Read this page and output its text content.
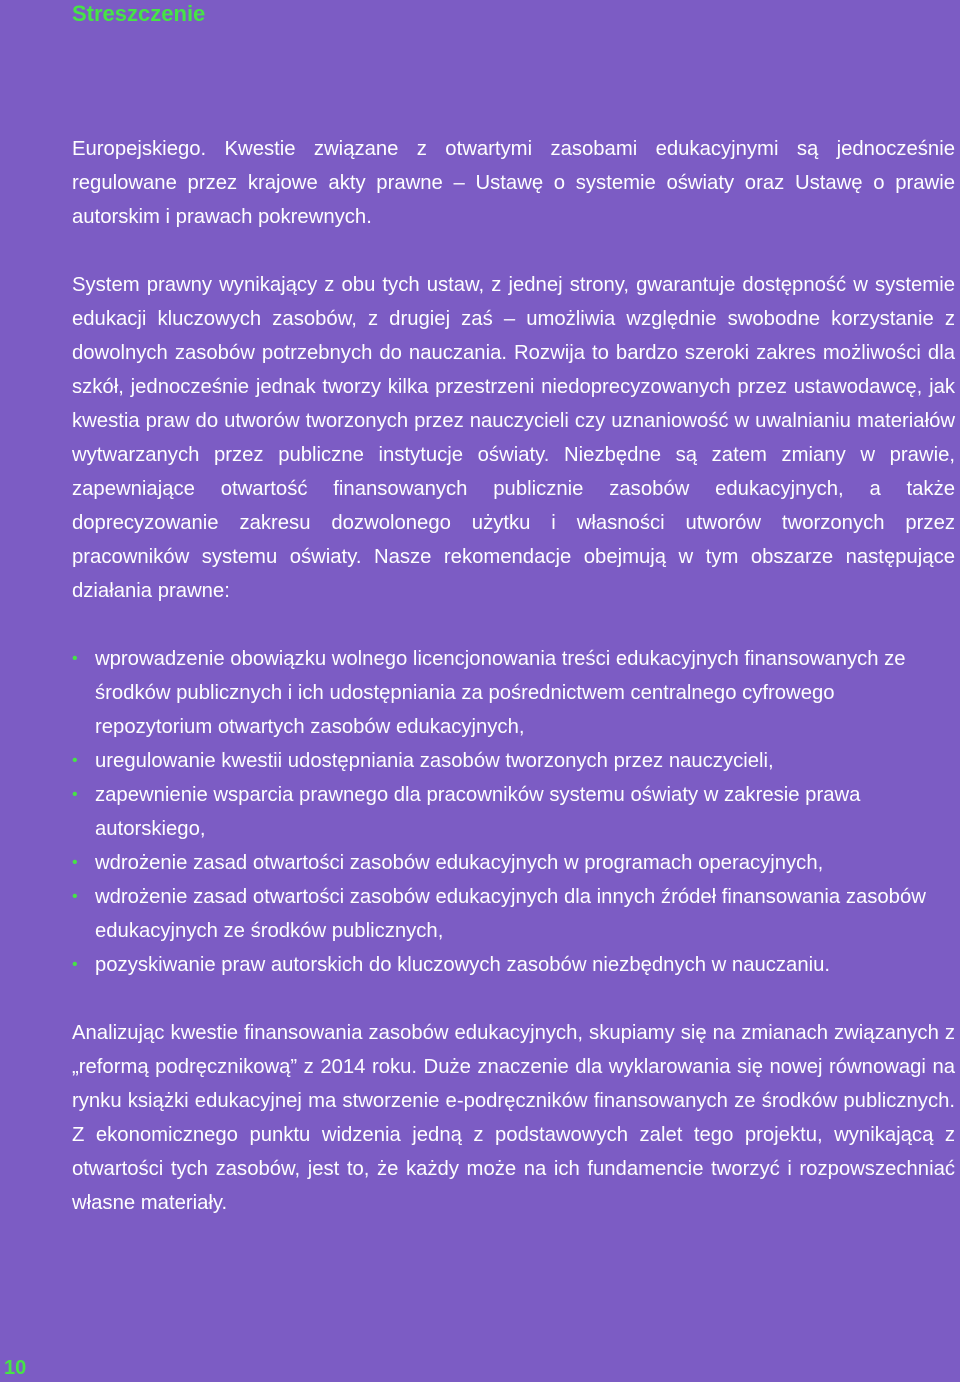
Streszczenie

Europejskiego. Kwestie związane z otwartymi zasobami edukacyjnymi są jednocześnie regulowane przez krajowe akty prawne – Ustawę o systemie oświaty oraz Ustawę o prawie autorskim i prawach pokrewnych.

System prawny wynikający z obu tych ustaw, z jednej strony, gwarantuje dostępność w systemie edukacji kluczowych zasobów, z drugiej zaś – umożliwia względnie swobodne korzystanie z dowolnych zasobów potrzebnych do nauczania. Rozwija to bardzo szeroki zakres możliwości dla szkół, jednocześnie jednak tworzy kilka przestrzeni niedoprecyzowanych przez ustawodawcę, jak kwestia praw do utworów tworzonych przez nauczycieli czy uznaniowość w uwalnianiu materiałów wytwarzanych przez publiczne instytucje oświaty. Niezbędne są zatem zmiany w prawie, zapewniające otwartość finansowanych publicznie zasobów edukacyjnych, a także doprecyzowanie zakresu dozwolonego użytku i własności utworów tworzonych przez pracowników systemu oświaty. Nasze rekomendacje obejmują w tym obszarze następujące działania prawne:

• wprowadzenie obowiązku wolnego licencjonowania treści edukacyjnych finansowanych ze środków publicznych i ich udostępniania za pośrednictwem centralnego cyfrowego repozytorium otwartych zasobów edukacyjnych,
• uregulowanie kwestii udostępniania zasobów tworzonych przez nauczycieli,
• zapewnienie wsparcia prawnego dla pracowników systemu oświaty w zakresie prawa autorskiego,
• wdrożenie zasad otwartości zasobów edukacyjnych w programach operacyjnych,
• wdrożenie zasad otwartości zasobów edukacyjnych dla innych źródeł finansowania zasobów edukacyjnych ze środków publicznych,
• pozyskiwanie praw autorskich do kluczowych zasobów niezbędnych w nauczaniu.

Analizując kwestie finansowania zasobów edukacyjnych, skupiamy się na zmianach związanych z „reformą podręcznikową” z 2014 roku. Duże znaczenie dla wyklarowania się nowej równowagi na rynku książki edukacyjnej ma stworzenie e-podręczników finansowanych ze środków publicznych. Z ekonomicznego punktu widzenia jedną z podstawowych zalet tego projektu, wynikającą z otwartości tych zasobów, jest to, że każdy może na ich fundamencie tworzyć i rozpowszechniać własne materiały.

10
